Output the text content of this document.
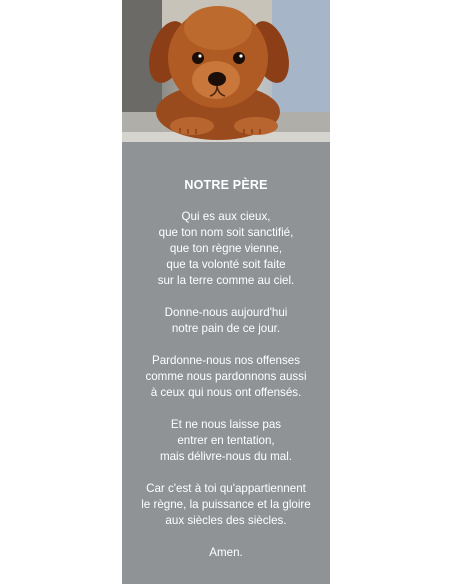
NOTRE PÈRE

Qui es aux cieux,
que ton nom soit sanctifié,
que ton règne vienne,
que ta volonté soit faite
sur la terre comme au ciel.

Donne-nous aujourd'hui
notre pain de ce jour.

Pardonne-nous nos offenses
comme nous pardonnons aussi
à ceux qui nous ont offensés.

Et ne nous laisse pas
entrer en tentation,
mais délivre-nous du mal.

Car c'est à toi qu'appartiennent
le règne, la puissance et la gloire
aux siècles des siècles.

Amen.
